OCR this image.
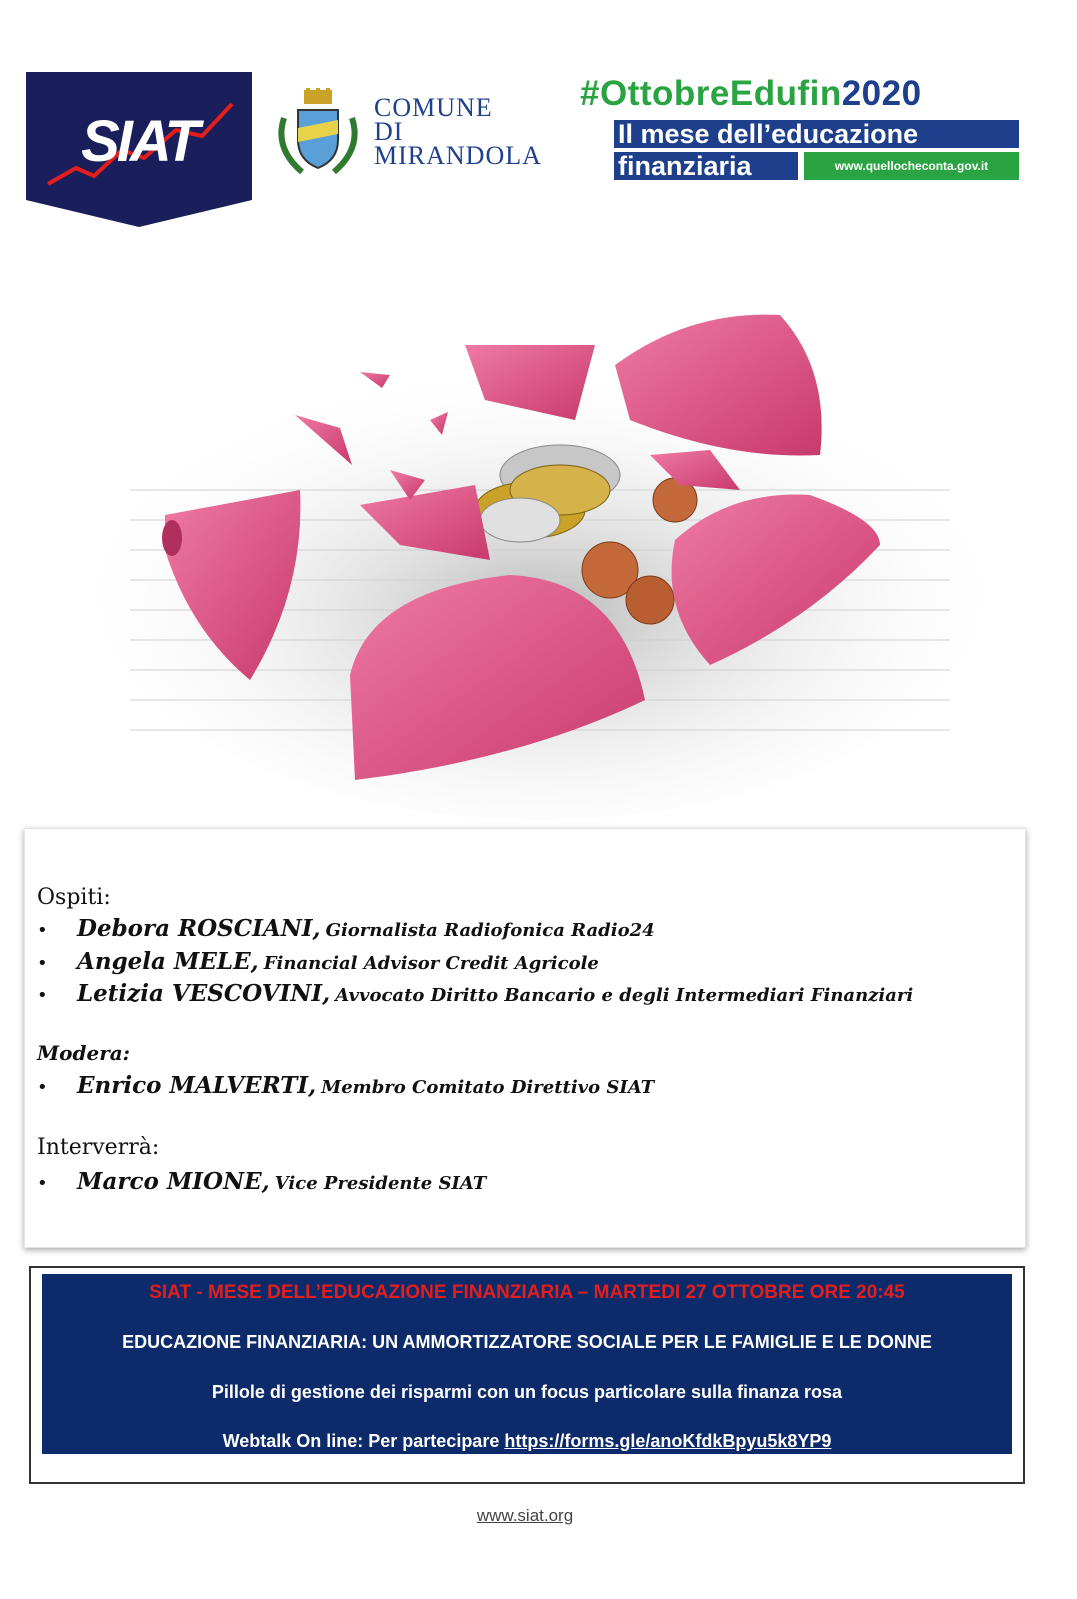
SIAT
COMUNE
DI
MIRANDOLA
#OttobreEdufin2020
Il mese dell’educazione
finanziaria	www.quellocheconta.gov.it
Ospiti:
• Debora ROSCIANI, Giornalista Radiofonica Radio24
• Angela MELE, Financial Advisor Credit Agricole
• Letizia VESCOVINI, Avvocato Diritto Bancario e degli Intermediari Finanziari
Modera:
• Enrico MALVERTI, Membro Comitato Direttivo SIAT
Interverrà:
• Marco MIONE, Vice Presidente SIAT
SIAT - MESE DELL’EDUCAZIONE FINANZIARIA – MARTEDI 27 OTTOBRE ORE 20:45
EDUCAZIONE FINANZIARIA: UN AMMORTIZZATORE SOCIALE PER LE FAMIGLIE E LE DONNE
Pillole di gestione dei risparmi con un focus particolare sulla finanza rosa
Webtalk On line: Per partecipare https://forms.gle/anoKfdkBpyu5k8YP9
www.siat.org
